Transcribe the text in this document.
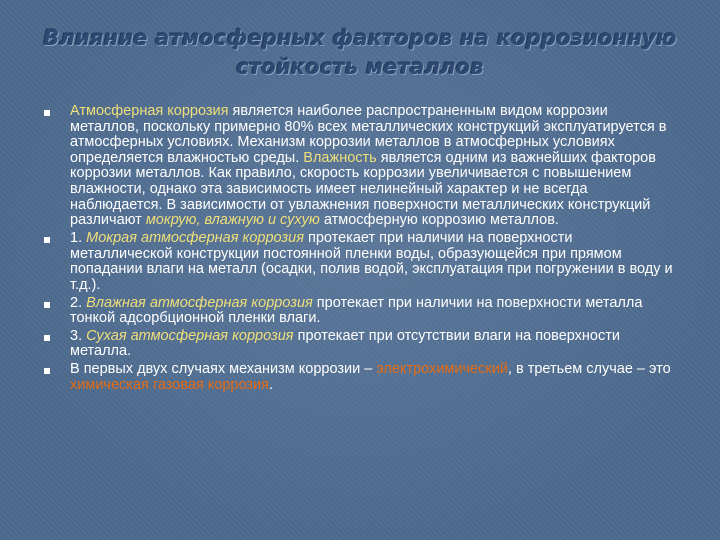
Влияние атмосферных факторов на коррозионную
стойкость металлов
Атмосферная коррозия является наиболее распространенным видом коррозии металлов, поскольку примерно 80% всех металлических конструкций эксплуатируется в атмосферных условиях. Механизм коррозии металлов в атмосферных условиях определяется влажностью среды. Влажность является одним из важнейших факторов коррозии металлов. Как правило, скорость коррозии увеличивается с повышением влажности, однако эта зависимость имеет нелинейный характер и не всегда наблюдается. В зависимости от увлажнения поверхности металлических конструкций различают мокрую, влажную и сухую атмосферную коррозию металлов.
1. Мокрая атмосферная коррозия протекает при наличии на поверхности металлической конструкции постоянной пленки воды, образующейся при прямом попадании влаги на металл (осадки, полив водой, эксплуатация при погружении в воду и т.д.).
2. Влажная атмосферная коррозия протекает при наличии на поверхности металла тонкой адсорбционной пленки влаги.
3. Сухая атмосферная коррозия протекает при отсутствии влаги на поверхности металла.
В первых двух случаях механизм коррозии – электрохимический, в третьем случае – это химическая газовая коррозия.
